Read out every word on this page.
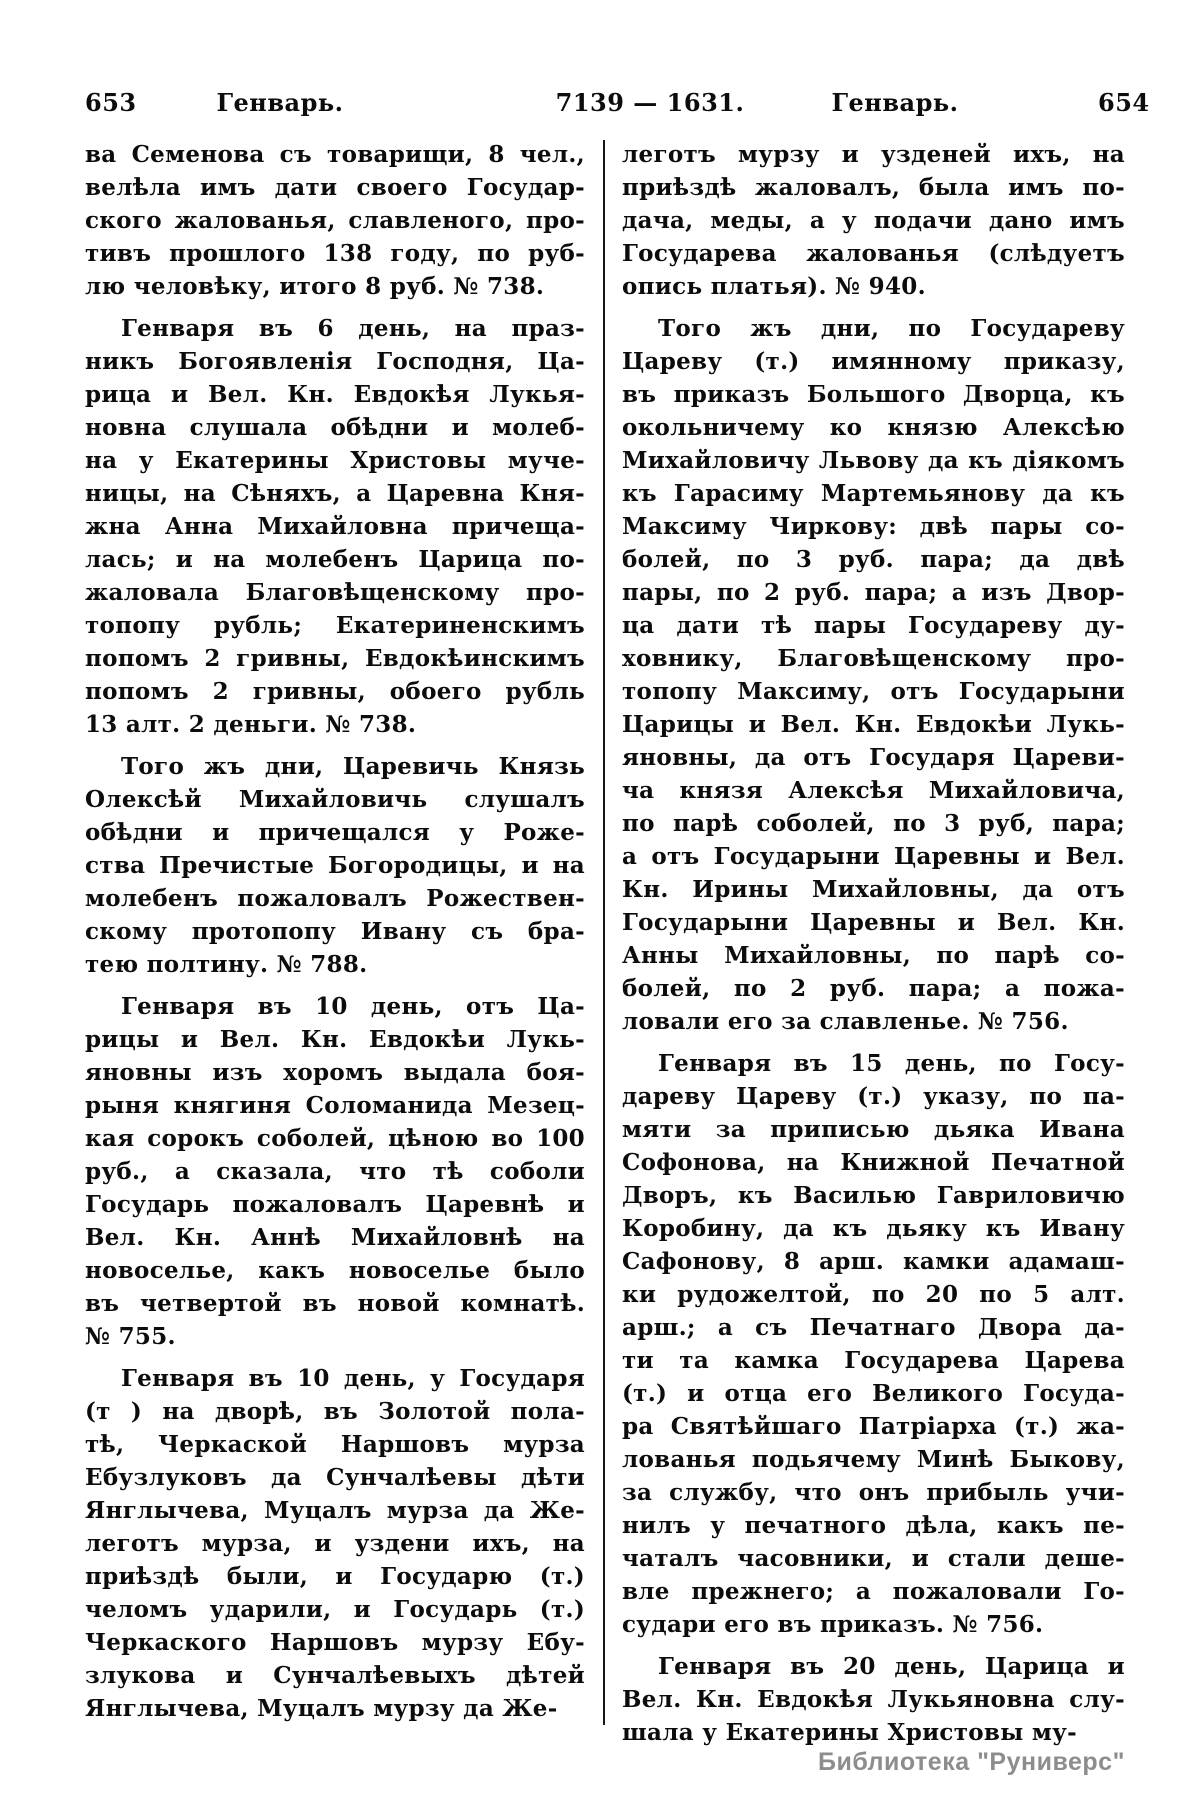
653	Генварь.	7139 — 1631.	Генварь.	654
ва Семенова съ товарищи, 8 чел.,
велѣла имъ дати своего Государ-
ского жалованья, славленого, про-
тивъ прошлого 138 году, по руб-
лю человѣку, итого 8 руб. № 738.
Генваря въ 6 день, на праз-
никъ Богоявленія Господня, Ца-
рица и Вел. Кн. Евдокѣя Лукья-
новна слушала обѣдни и молеб-
на у Екатерины Христовы муче-
ницы, на Сѣняхъ, а Царевна Кня-
жна Анна Михайловна причеща-
лась; и на молебенъ Царица по-
жаловала Благовѣщенскому про-
топопу рубль; Екатериненскимъ
попомъ 2 гривны, Евдокѣинскимъ
попомъ 2 гривны, обоего рубль
13 алт. 2 деньги. № 738.
Того жъ дни, Царевичь Князь
Олексѣй Михайловичь слушалъ
обѣдни и причещался у Роже-
ства Пречистые Богородицы, и на
молебенъ пожаловалъ Рожествен-
скому протопопу Ивану съ бра-
тею полтину. № 788.
Генваря въ 10 день, отъ Ца-
рицы и Вел. Кн. Евдокѣи Лукь-
яновны изъ хоромъ выдала боя-
рыня княгиня Соломанида Мезец-
кая сорокъ соболей, цѣною во 100
руб., а сказала, что тѣ соболи
Государь пожаловалъ Царевнѣ и
Вел. Кн. Аннѣ Михайловнѣ на
новоселье, какъ новоселье было
въ четвертой въ новой комнатѣ.
№ 755.
Генваря въ 10 день, у Государя
(т ) на дворѣ, въ Золотой пола-
тѣ, Черкаской Наршовъ мурза
Ебузлуковъ да Сунчалѣевы дѣти
Янглычева, Муцалъ мурза да Же-
леготъ мурза, и уздени ихъ, на
приѣздѣ были, и Государю (т.)
челомъ ударили, и Государь (т.)
Черкаского Наршовъ мурзу Ебу-
злукова и Сунчалѣевыхъ дѣтей
Янглычева, Муцалъ мурзу да Же-
леготъ мурзу и узденей ихъ, на
приѣздѣ жаловалъ, была имъ по-
дача, меды, а у подачи дано имъ
Государева жалованья (слѣдуетъ
опись платья). № 940.
Того жъ дни, по Государеву
Цареву (т.) имянному приказу,
въ приказъ Большого Дворца, къ
окольничему ко князю Алексѣю
Михайловичу Львову да къ діякомъ
къ Гарасиму Мартемьянову да къ
Максиму Чиркову: двѣ пары со-
болей, по 3 руб. пара; да двѣ
пары, по 2 руб. пара; а изъ Двор-
ца дати тѣ пары Государеву ду-
ховнику, Благовѣщенскому про-
топопу Максиму, отъ Государыни
Царицы и Вел. Кн. Евдокѣи Лукь-
яновны, да отъ Государя Цареви-
ча князя Алексѣя Михайловича,
по парѣ соболей, по 3 руб, пара;
а отъ Государыни Царевны и Вел.
Кн. Ирины Михайловны, да отъ
Государыни Царевны и Вел. Кн.
Анны Михайловны, по парѣ со-
болей, по 2 руб. пара; а пожа-
ловали его за славленье. № 756.
Генваря въ 15 день, по Госу-
дареву Цареву (т.) указу, по па-
мяти за приписью дьяка Ивана
Софонова, на Книжной Печатной
Дворъ, къ Василью Гавриловичю
Коробину, да къ дьяку къ Ивану
Сафонову, 8 арш. камки адамаш-
ки рудожелтой, по 20 по 5 алт.
арш.; а съ Печатнаго Двора да-
ти та камка Государева Царева
(т.) и отца его Великого Госуда-
ра Святѣйшаго Патріарха (т.) жа-
лованья подьячему Минѣ Быкову,
за службу, что онъ прибыль учи-
нилъ у печатного дѣла, какъ пе-
чаталъ часовники, и стали деше-
вле прежнего; а пожаловали Го-
судари его въ приказъ. № 756.
Генваря въ 20 день, Царица и
Вел. Кн. Евдокѣя Лукьяновна слу-
шала у Екатерины Христовы му-
Библиотека "Руниверс"
